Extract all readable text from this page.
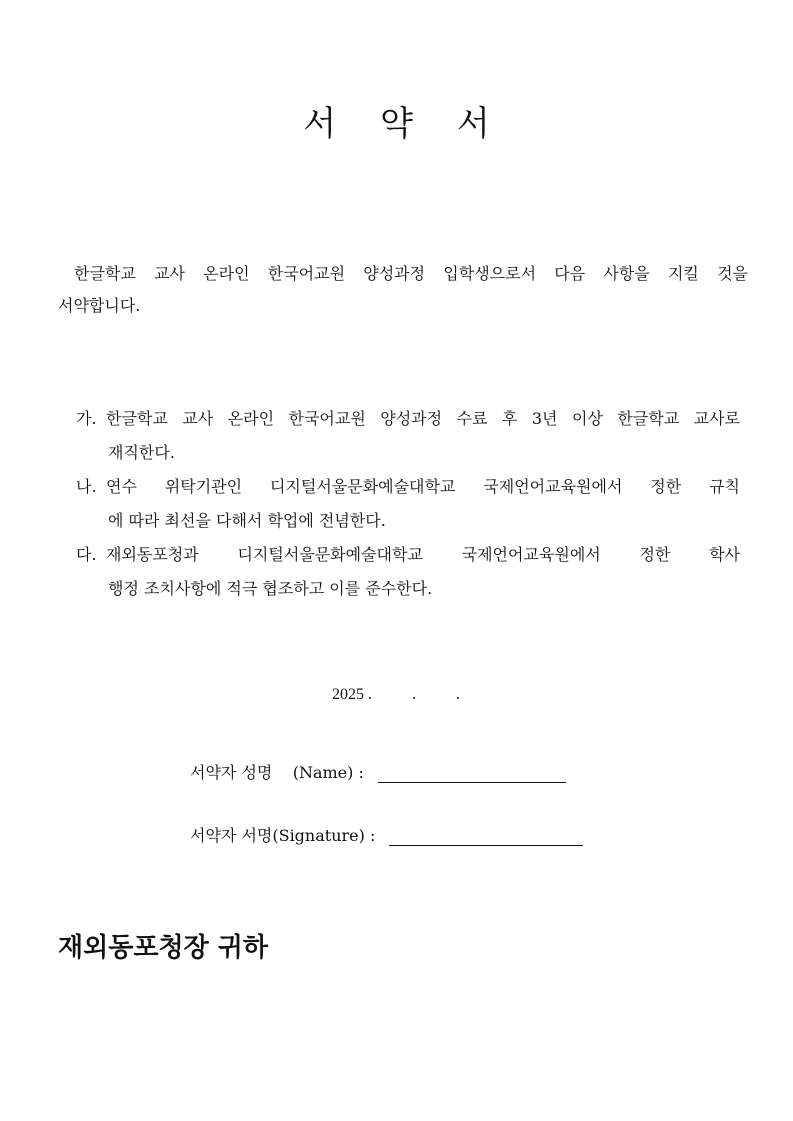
서 약 서
한글학교 교사 온라인 한국어교원 양성과정 입학생으로서 다음 사항을 지킬 것을
서약합니다.
가. 한글학교 교사 온라인 한국어교원 양성과정 수료 후 3년 이상 한글학교 교사로
재직한다.
나. 연수 위탁기관인 디지털서울문화예술대학교 국제언어교육원에서 정한 규칙
에 따라 최선을 다해서 학업에 전념한다.
다. 재외동포청과 디지털서울문화예술대학교 국제언어교육원에서 정한 학사
행정 조치사항에 적극 협조하고 이를 준수한다.
2025 .          .          .
서약자 성명    (Name) :
서약자 서명(Signature) :
재외동포청장 귀하
